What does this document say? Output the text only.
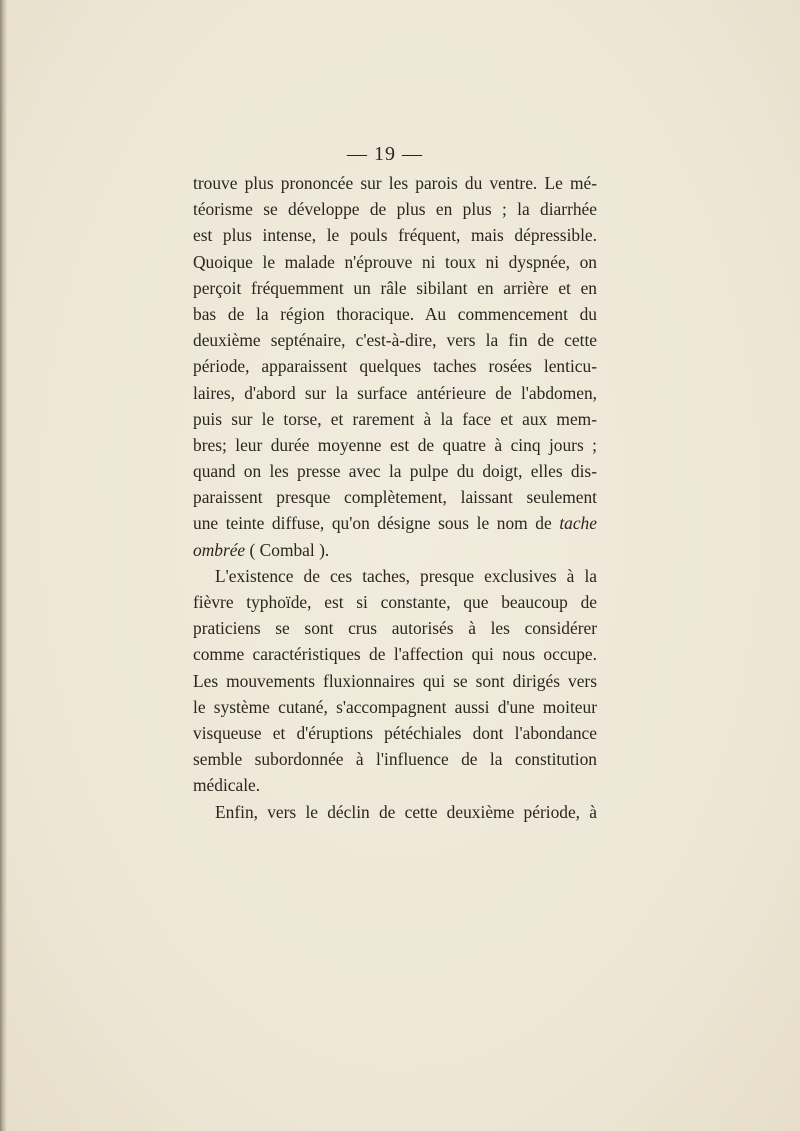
— 19 —
trouve plus prononcée sur les parois du ventre. Le mé-
téorisme se développe de plus en plus ; la diarrhée
est plus intense, le pouls fréquent, mais dépressible.
Quoique le malade n'éprouve ni toux ni dyspnée, on
perçoit fréquemment un râle sibilant en arrière et en
bas de la région thoracique. Au commencement du
deuxième septénaire, c'est-à-dire, vers la fin de cette
période, apparaissent quelques taches rosées lenticu-
laires, d'abord sur la surface antérieure de l'abdomen,
puis sur le torse, et rarement à la face et aux mem-
bres; leur durée moyenne est de quatre à cinq jours ;
quand on les presse avec la pulpe du doigt, elles dis-
paraissent presque complètement, laissant seulement
une teinte diffuse, qu'on désigne sous le nom de tache
ombrée ( Combal ).
L'existence de ces taches, presque exclusives à la
fièvre typhoïde, est si constante, que beaucoup de
praticiens se sont crus autorisés à les considérer
comme caractéristiques de l'affection qui nous occupe.
Les mouvements fluxionnaires qui se sont dirigés vers
le système cutané, s'accompagnent aussi d'une moiteur
visqueuse et d'éruptions pétéchiales dont l'abondance
semble subordonnée à l'influence de la constitution
médicale.
Enfin, vers le déclin de cette deuxième période, à
